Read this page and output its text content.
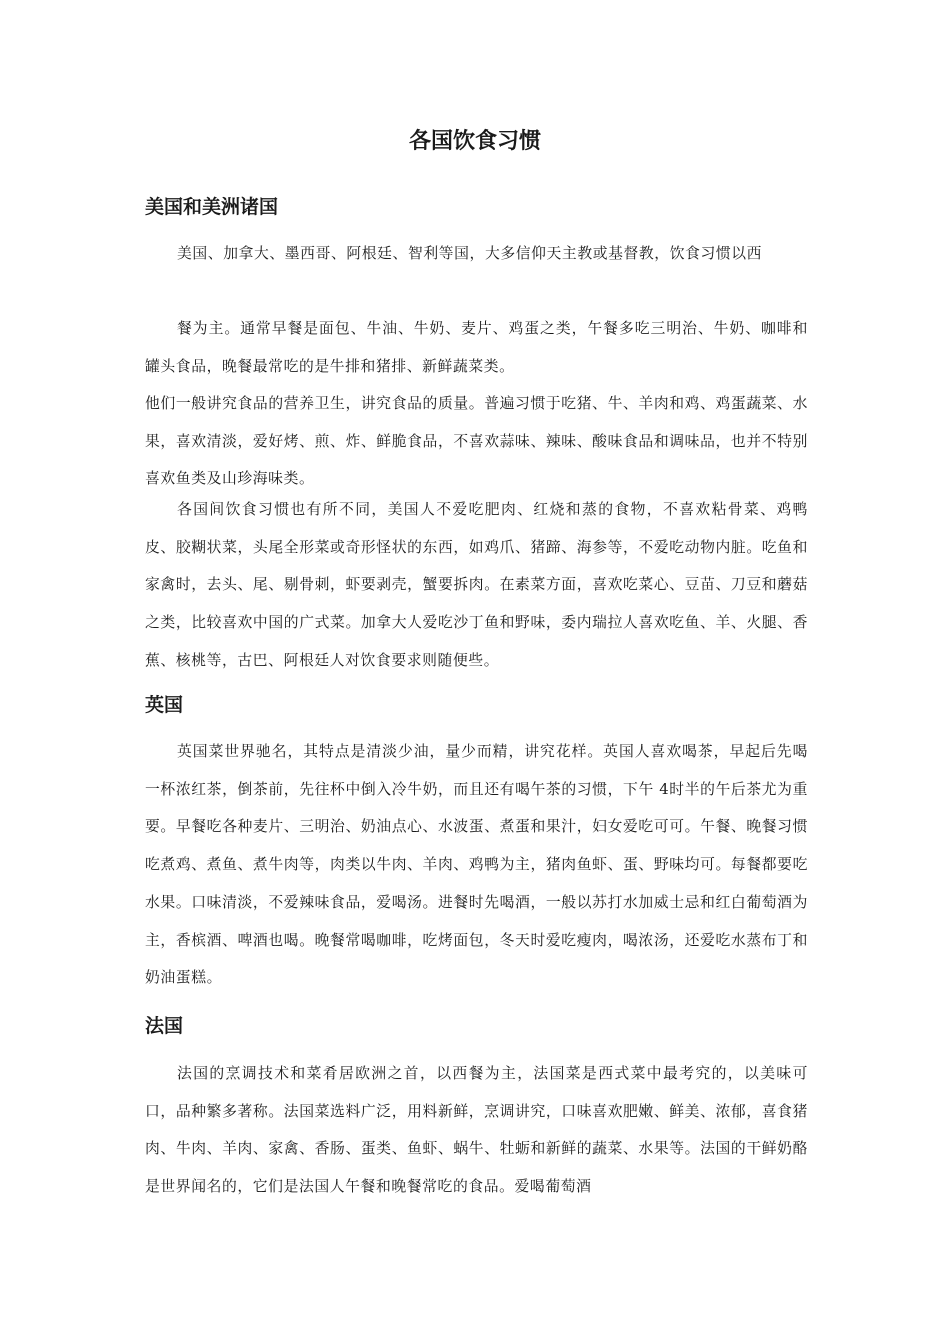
各国饮食习惯
美国和美洲诸国

美国、加拿大、墨西哥、阿根廷、智利等国，大多信仰天主教或基督教，饮食习惯以西

餐为主。通常早餐是面包、牛油、牛奶、麦片、鸡蛋之类，午餐多吃三明治、牛奶、咖啡和罐头食品，晚餐最常吃的是牛排和猪排、新鲜蔬菜类。

他们一般讲究食品的营养卫生，讲究食品的质量。普遍习惯于吃猪、牛、羊肉和鸡、鸡蛋蔬菜、水果，喜欢清淡，爱好烤、煎、炸、鲜脆食品，不喜欢蒜味、辣味、酸味食品和调味品，也并不特别喜欢鱼类及山珍海味类。

各国间饮食习惯也有所不同，美国人不爱吃肥肉、红烧和蒸的食物，不喜欢粘骨菜、鸡鸭皮、胶糊状菜，头尾全形菜或奇形怪状的东西，如鸡爪、猪蹄、海参等，不爱吃动物内脏。吃鱼和家禽时，去头、尾、剔骨刺，虾要剥壳，蟹要拆肉。在素菜方面，喜欢吃菜心、豆苗、刀豆和蘑菇之类，比较喜欢中国的广式菜。加拿大人爱吃沙丁鱼和野味，委内瑞拉人喜欢吃鱼、羊、火腿、香蕉、核桃等，古巴、阿根廷人对饮食要求则随便些。

英国

英国菜世界驰名，其特点是清淡少油，量少而精，讲究花样。英国人喜欢喝茶，早起后先喝一杯浓红茶，倒茶前，先往杯中倒入冷牛奶，而且还有喝午茶的习惯，下午 4时半的午后茶尤为重要。早餐吃各种麦片、三明治、奶油点心、水波蛋、煮蛋和果汁，妇女爱吃可可。午餐、晚餐习惯吃煮鸡、煮鱼、煮牛肉等，肉类以牛肉、羊肉、鸡鸭为主，猪肉鱼虾、蛋、野味均可。每餐都要吃水果。口味清淡，不爱辣味食品，爱喝汤。进餐时先喝酒，一般以苏打水加威士忌和红白葡萄酒为主，香槟酒、啤酒也喝。晚餐常喝咖啡，吃烤面包，冬天时爱吃瘦肉，喝浓汤，还爱吃水蒸布丁和奶油蛋糕。

法国

法国的烹调技术和菜肴居欧洲之首，以西餐为主，法国菜是西式菜中最考究的，以美味可口，品种繁多著称。法国菜选料广泛，用料新鲜，烹调讲究，口味喜欢肥嫩、鲜美、浓郁，喜食猪肉、牛肉、羊肉、家禽、香肠、蛋类、鱼虾、蜗牛、牡蛎和新鲜的蔬菜、水果等。法国的干鲜奶酪是世界闻名的，它们是法国人午餐和晚餐常吃的食品。爱喝葡萄酒
